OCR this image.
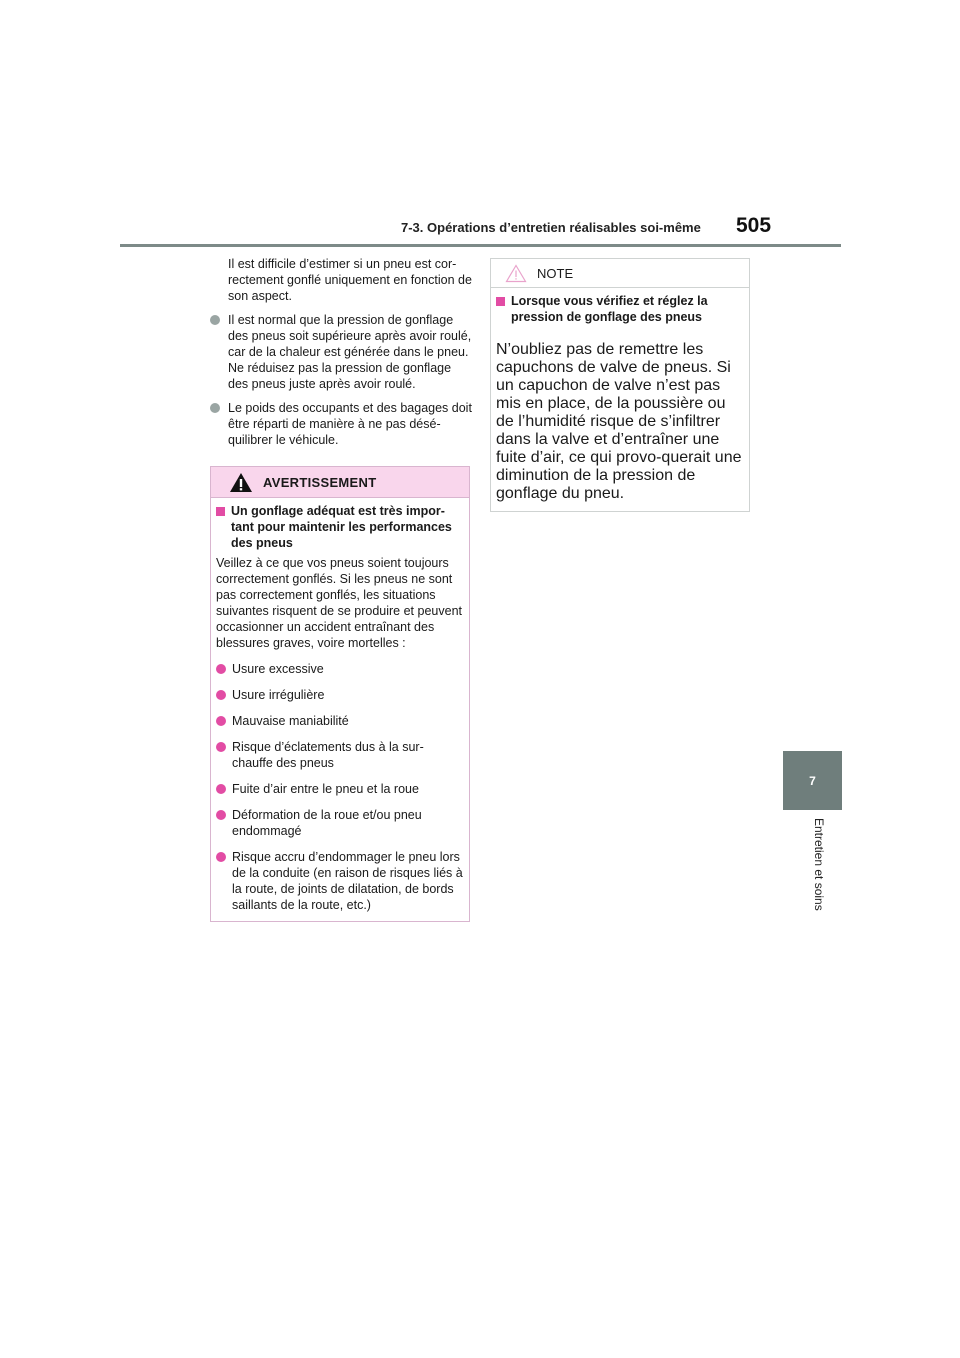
7-3. Opérations d’entretien réalisables soi-même 505
7
Entretien et soins

Il est difficile d’estimer si un pneu est cor-rectement gonflé uniquement en fonction de son aspect.

Il est normal que la pression de gonflage des pneus soit supérieure après avoir roulé, car de la chaleur est générée dans le pneu. Ne réduisez pas la pression de gonflage des pneus juste après avoir roulé.
Le poids des occupants et des bagages doit être réparti de manière à ne pas désé-quilibrer le véhicule.
AVERTISSEMENT
Un gonflage adéquat est très impor-tant pour maintenir les performances des pneus

Veillez à ce que vos pneus soient toujours correctement gonflés. Si les pneus ne sont pas correctement gonflés, les situations suivantes risquent de se produire et peuvent occasionner un accident entraînant des blessures graves, voire mortelles :

Usure excessive
Usure irrégulière
Mauvaise maniabilité
Risque d’éclatements dus à la sur-chauffe des pneus
Fuite d’air entre le pneu et la roue
Déformation de la roue et/ou pneu endommagé
Risque accru d’endommager le pneu lors de la conduite (en raison de risques liés à la route, de joints de dilatation, de bords saillants de la route, etc.)
NOTE
Lorsque vous vérifiez et réglez la pression de gonflage des pneus

N’oubliez pas de remettre les capuchons de valve de pneus. Si un capuchon de valve n’est pas mis en place, de la poussière ou de l’humidité risque de s’infiltrer dans la valve et d’entraîner une fuite d’air, ce qui provo-querait une diminution de la pression de gonflage du pneu.
